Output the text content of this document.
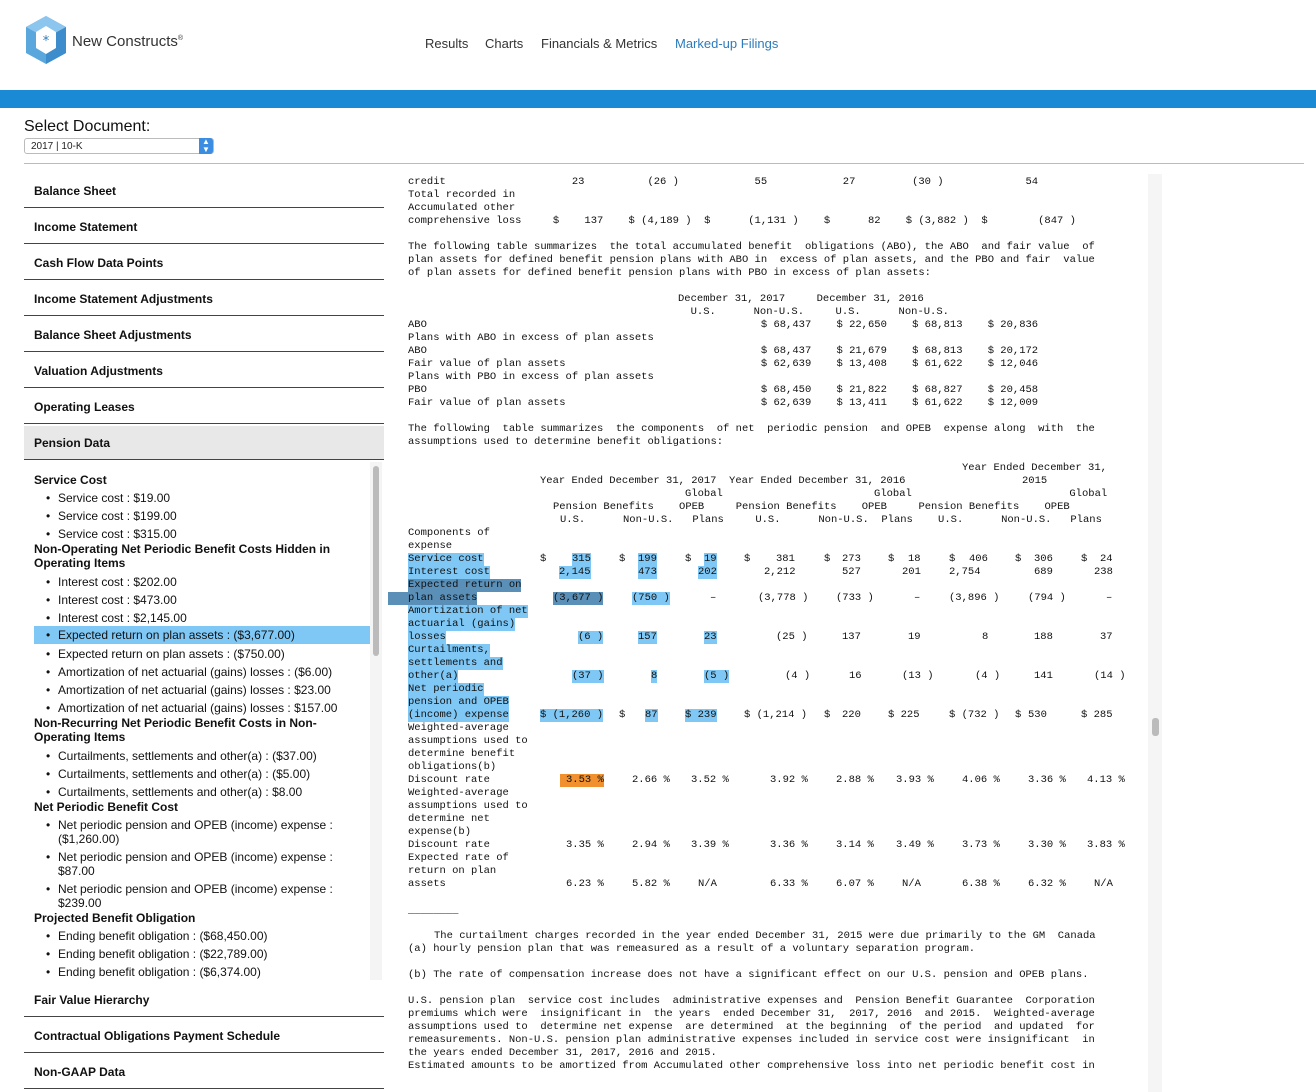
* New Constructs®	Results Charts Financials & Metrics Marked-up Filings
Select Document:
2017 | 10-K	▲
▼
Balance Sheet
Income Statement
Cash Flow Data Points
Income Statement Adjustments
Balance Sheet Adjustments
Valuation Adjustments
Operating Leases
Pension Data
Service Cost
• Service cost : $19.00
• Service cost : $199.00
• Service cost : $315.00
Non-Operating Net Periodic Benefit Costs Hidden in Operating Items
• Interest cost : $202.00
• Interest cost : $473.00
• Interest cost : $2,145.00
• Expected return on plan assets : ($3,677.00)
• Expected return on plan assets : ($750.00)
• Amortization of net actuarial (gains) losses : ($6.00)
• Amortization of net actuarial (gains) losses : $23.00
• Amortization of net actuarial (gains) losses : $157.00
Non-Recurring Net Periodic Benefit Costs in Non-Operating Items
• Curtailments, settlements and other(a) : ($37.00)
• Curtailments, settlements and other(a) : ($5.00)
• Curtailments, settlements and other(a) : $8.00
Net Periodic Benefit Cost
• Net periodic pension and OPEB (income) expense : ($1,260.00)
• Net periodic pension and OPEB (income) expense : $87.00
• Net periodic pension and OPEB (income) expense : $239.00
Projected Benefit Obligation
• Ending benefit obligation : ($68,450.00)
• Ending benefit obligation : ($22,789.00)
• Ending benefit obligation : ($6,374.00)
Fair Value Hierarchy
Contractual Obligations Payment Schedule
Non-GAAP Data
credit                    23          (26 )            55            27         (30 )             54
Total recorded in
Accumulated other
comprehensive loss     $    137    $ (4,189 )  $      (1,131 )    $      82    $ (3,882 )  $        (847 )
The following table summarizes  the total accumulated benefit  obligations (ABO), the ABO  and fair value  of
plan assets for defined benefit pension plans with ABO in  excess of plan assets, and the PBO and fair  value
of plan assets for defined benefit pension plans with PBO in excess of plan assets:
December 31, 2017     December 31, 2016
U.S.      Non-U.S.     U.S.      Non-U.S.
ABO                                                     $ 68,437    $ 22,650    $ 68,813    $ 20,836
Plans with ABO in excess of plan assets
ABO                                                     $ 68,437    $ 21,679    $ 68,813    $ 20,172
Fair value of plan assets                               $ 62,639    $ 13,408    $ 61,622    $ 12,046
Plans with PBO in excess of plan assets
PBO                                                     $ 68,450    $ 21,822    $ 68,827    $ 20,458
Fair value of plan assets                               $ 62,639    $ 13,411    $ 61,622    $ 12,009
The following  table summarizes  the components  of net  periodic pension  and OPEB  expense along  with  the
assumptions used to determine benefit obligations:
Year Ended December 31,
2015
Year Ended December 31, 2017  Year Ended December 31, 2016
Global                        Global                         Global
Pension Benefits    OPEB     Pension Benefits    OPEB     Pension Benefits    OPEB
U.S.      Non-U.S.   Plans     U.S.      Non-U.S.  Plans    U.S.      Non-U.S.   Plans
Components of
expense
Service cost	$ 315	$ 199	$ 19	$ 381	$ 273	$ 18	$ 406	$ 306	$ 24
Interest cost	2,145	473	202	2,212	527	201	2,754	689	238
Expected return on
plan assets	(3,677 )	(750 )	–	(3,778 )	(733 )	–	(3,896 )	(794 )	–
Amortization of net
actuarial (gains)
losses	(6 )	157	23	(25 )	137	19	8	188	37
Curtailments,
settlements and
other(a)	(37 )	8	(5 )	(4 )	16	(13 )	(4 )	141	(14 )
Net periodic
pension and OPEB
(income) expense	$ (1,260 ) $ 87	$ 239	$ (1,214 ) $ 220	$ 225	$ (732 ) $ 530	$ 285
Weighted-average
assumptions used to
determine benefit
obligations(b)
Discount rate	3.53 %	2.66 % 3.52 %	3.92 %	2.88 % 3.93 %	4.06 %	3.36 % 4.13 %
Weighted-average
assumptions used to
determine net
expense(b)
Discount rate	3.35 %	2.94 % 3.39 %	3.36 %	3.14 % 3.49 %	3.73 %	3.30 % 3.83 %
Expected rate of
return on plan
assets	6.23 %	5.82 %	N/A	6.33 %	6.07 %	N/A	6.38 %	6.32 %	N/A
________
The curtailment charges recorded in the year ended December 31, 2015 were due primarily to the GM  Canada
(a) hourly pension plan that was remeasured as a result of a voluntary separation program.
(b) The rate of compensation increase does not have a significant effect on our U.S. pension and OPEB plans.
U.S. pension plan  service cost includes  administrative expenses and  Pension Benefit Guarantee  Corporation
premiums which were  insignificant in  the years  ended December 31,  2017, 2016  and 2015.  Weighted-average
assumptions used to  determine net expense  are determined  at the beginning  of the period  and updated  for
remeasurements. Non-U.S. pension plan administrative expenses included in service cost were insignificant  in
the years ended December 31, 2017, 2016 and 2015.
Estimated amounts to be amortized from Accumulated other comprehensive loss into net periodic benefit cost in
